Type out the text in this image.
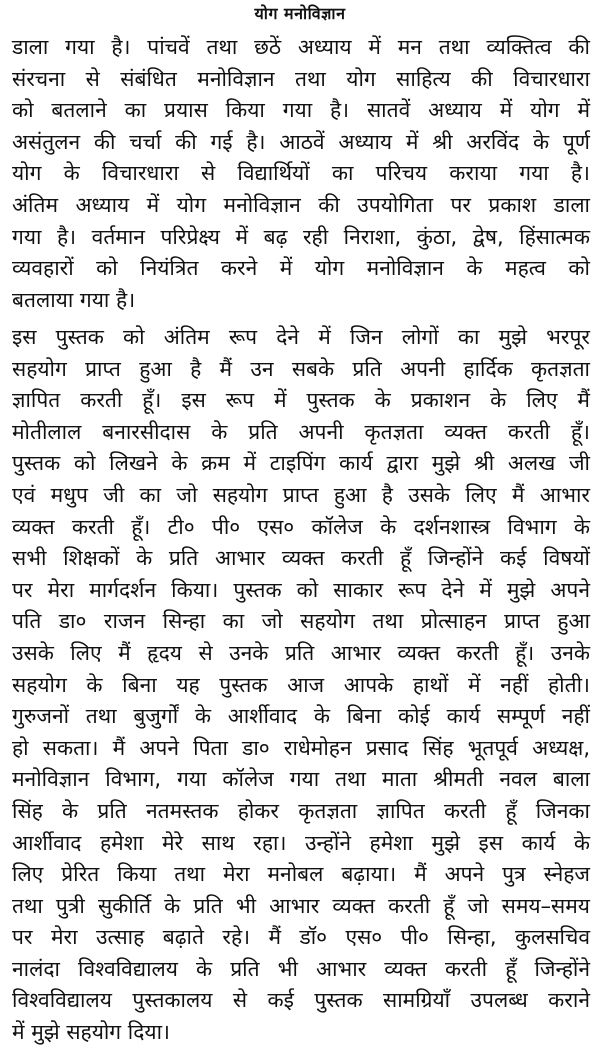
योग मनोविज्ञान
डाला गया है। पांचवें तथा छठें अध्याय में मन तथा व्यक्तित्व की
संरचना से संबंधित मनोविज्ञान तथा योग साहित्य की विचारधारा
को बतलाने का प्रयास किया गया है। सातवें अध्याय में योग में
असंतुलन की चर्चा की गई है। आठवें अध्याय में श्री अरविंद के पूर्ण
योग के विचारधारा से विद्यार्थियों का परिचय कराया गया है।
अंतिम अध्याय में योग मनोविज्ञान की उपयोगिता पर प्रकाश डाला
गया है। वर्तमान परिप्रेक्ष्य में बढ़ रही निराशा, कुंठा, द्वेष, हिंसात्मक
व्यवहारों को नियंत्रित करने में योग मनोविज्ञान के महत्व को
बतलाया गया है।
इस पुस्तक को अंतिम रूप देने में जिन लोगों का मुझे भरपूर
सहयोग प्राप्त हुआ है मैं उन सबके प्रति अपनी हार्दिक कृतज्ञता
ज्ञापित करती हूँ। इस रूप में पुस्तक के प्रकाशन के लिए मैं
मोतीलाल बनारसीदास के प्रति अपनी कृतज्ञता व्यक्त करती हूँ।
पुस्तक को लिखने के क्रम में टाइपिंग कार्य द्वारा मुझे श्री अलख जी
एवं मधुप जी का जो सहयोग प्राप्त हुआ है उसके लिए मैं आभार
व्यक्त करती हूँ। टी० पी० एस० कॉलेज के दर्शनशास्त्र विभाग के
सभी शिक्षकों के प्रति आभार व्यक्त करती हूँ जिन्होंने कई विषयों
पर मेरा मार्गदर्शन किया। पुस्तक को साकार रूप देने में मुझे अपने
पति डा० राजन सिन्हा का जो सहयोग तथा प्रोत्साहन प्राप्त हुआ
उसके लिए मैं हृदय से उनके प्रति आभार व्यक्त करती हूँ। उनके
सहयोग के बिना यह पुस्तक आज आपके हाथों में नहीं होती।
गुरुजनों तथा बुजुर्गों के आर्शीवाद के बिना कोई कार्य सम्पूर्ण नहीं
हो सकता। मैं अपने पिता डा० राधेमोहन प्रसाद सिंह भूतपूर्व अध्यक्ष,
मनोविज्ञान विभाग, गया कॉलेज गया तथा माता श्रीमती नवल बाला
सिंह के प्रति नतमस्तक होकर कृतज्ञता ज्ञापित करती हूँ जिनका
आर्शीवाद हमेशा मेरे साथ रहा। उन्होंने हमेशा मुझे इस कार्य के
लिए प्रेरित किया तथा मेरा मनोबल बढ़ाया। मैं अपने पुत्र स्नेहज
तथा पुत्री सुकीर्ति के प्रति भी आभार व्यक्त करती हूँ जो समय–समय
पर मेरा उत्साह बढ़ाते रहे। मैं डॉ० एस० पी० सिन्हा, कुलसचिव
नालंदा विश्वविद्यालय के प्रति भी आभार व्यक्त करती हूँ जिन्होंने
विश्वविद्यालय पुस्तकालय से कई पुस्तक सामग्रियाँ उपलब्ध कराने
में मुझे सहयोग दिया।
